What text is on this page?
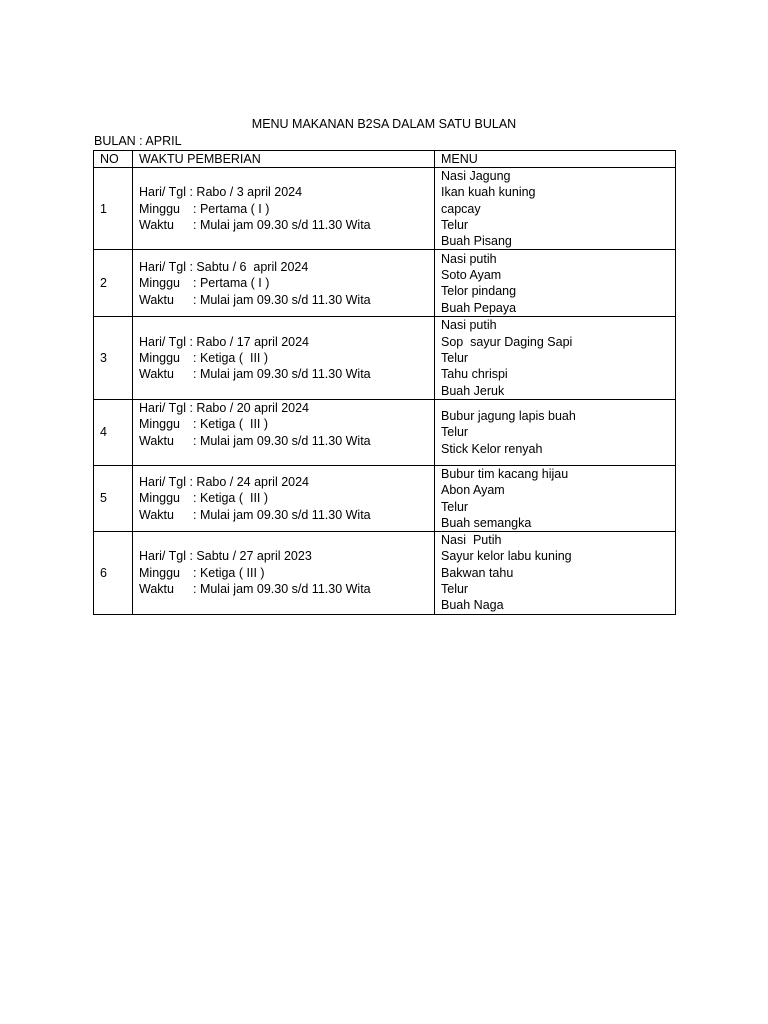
MENU MAKANAN B2SA DALAM SATU BULAN
BULAN : APRIL
NO	WAKTU PEMBERIAN	MENU
1	Hari/ Tgl : Rabo / 3 april 2024
Minggu : Pertama ( I )
Waktu : Mulai jam 09.30 s/d 11.30 Wita	Nasi Jagung
Ikan kuah kuning
capcay
Telur
Buah Pisang

2	Hari/ Tgl : Sabtu / 6  april 2024
Minggu : Pertama ( I )
Waktu : Mulai jam 09.30 s/d 11.30 Wita	Nasi putih
Soto Ayam
Telor pindang
Buah Pepaya

3	Hari/ Tgl : Rabo / 17 april 2024
Minggu : Ketiga (  III )
Waktu : Mulai jam 09.30 s/d 11.30 Wita	Nasi putih
Sop  sayur Daging Sapi
Telur
Tahu chrispi
Buah Jeruk

4	Hari/ Tgl : Rabo / 20 april 2024
Minggu : Ketiga (  III )
Waktu : Mulai jam 09.30 s/d 11.30 Wita	Bubur jagung lapis buah
Telur
Stick Kelor renyah

5	Hari/ Tgl : Rabo / 24 april 2024
Minggu : Ketiga (  III )
Waktu : Mulai jam 09.30 s/d 11.30 Wita	Bubur tim kacang hijau
Abon Ayam
Telur
Buah semangka

6	Hari/ Tgl : Sabtu / 27 april 2023
Minggu : Ketiga ( III )
Waktu : Mulai jam 09.30 s/d 11.30 Wita	Nasi  Putih
Sayur kelor labu kuning
Bakwan tahu
Telur
Buah Naga
